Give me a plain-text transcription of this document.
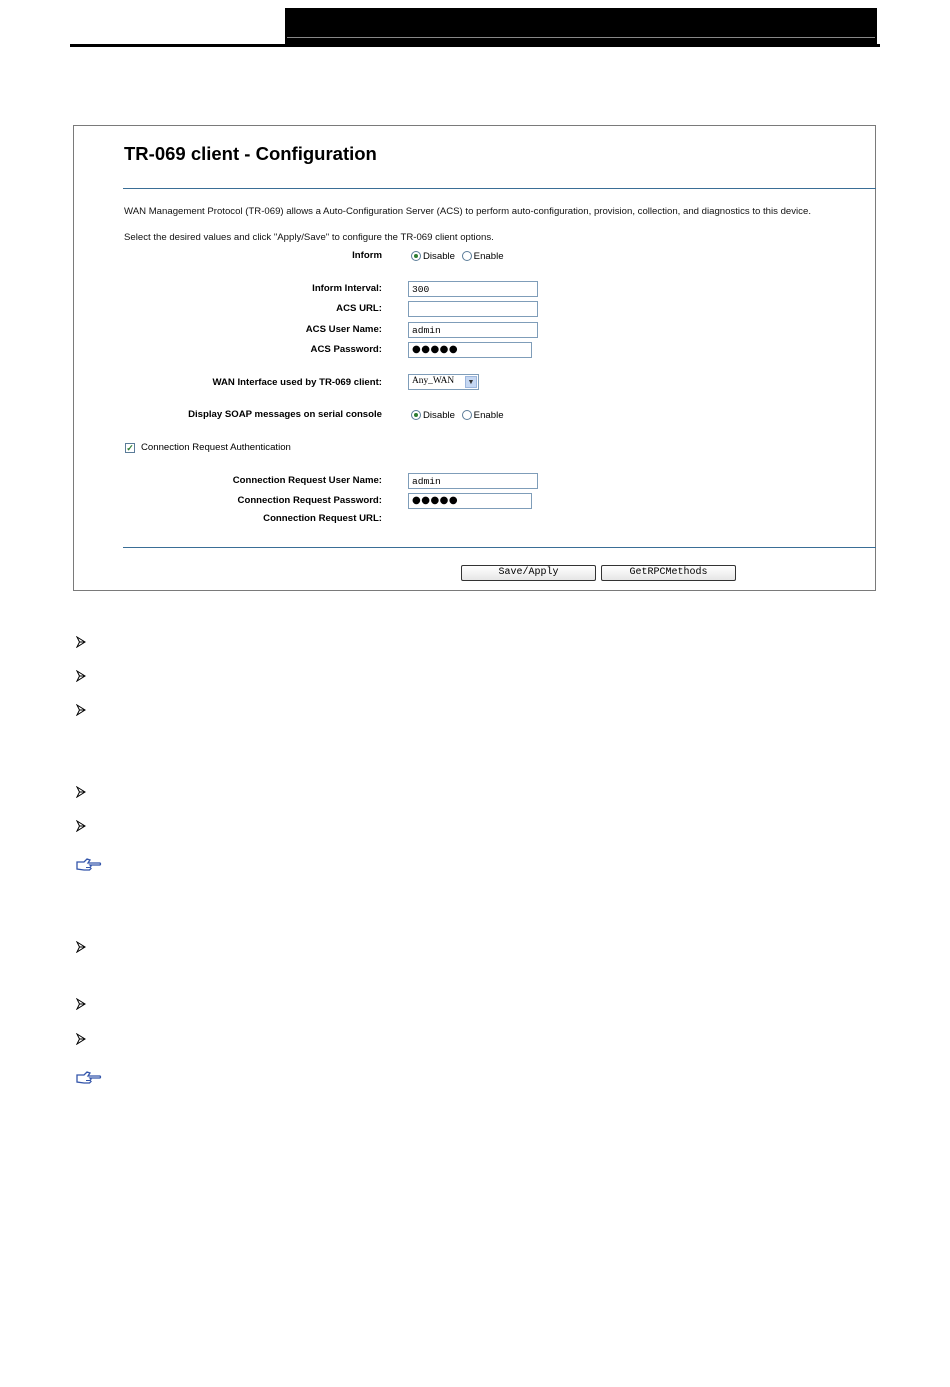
TR-069 client - Configuration
WAN Management Protocol (TR-069) allows a Auto-Configuration Server (ACS) to perform auto-configuration, provision, collection, and diagnostics to this device.
Select the desired values and click "Apply/Save" to configure the TR-069 client options.
Inform	Disable Enable
Inform Interval:	300
ACS URL:
ACS User Name:	admin
ACS Password:	●●●●●
WAN Interface used by TR-069 client:	Any_WAN	▼
Display SOAP messages on serial console	Disable Enable
✓ Connection Request Authentication
Connection Request User Name:	admin
Connection Request Password:	●●●●●
Connection Request URL:
Save/Apply	GetRPCMethods
